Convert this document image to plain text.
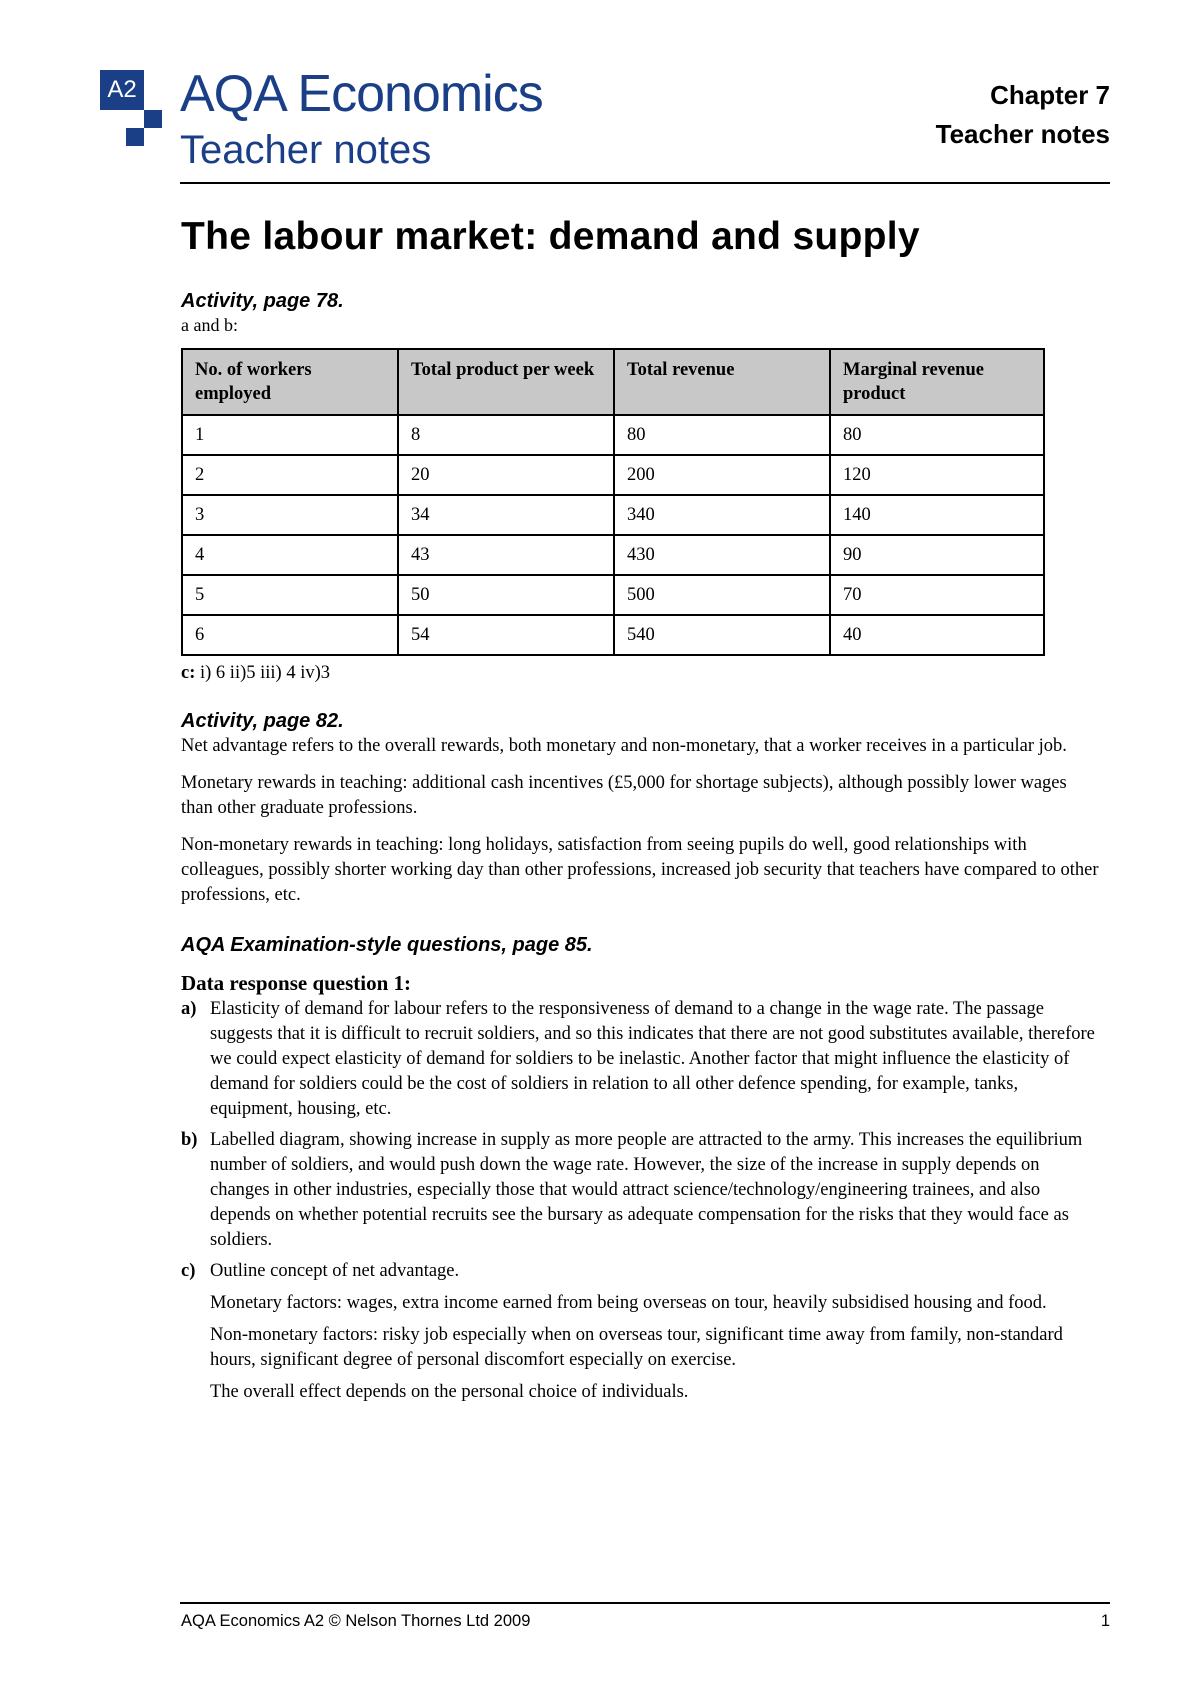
A2 AQA Economics
Teacher notes
Chapter 7
Teacher notes
The labour market: demand and supply

Activity, page 78.

a and b:

No. of workers employed	Total product per week	Total revenue	Marginal revenue product
1	8	80	80
2	20	200	120
3	34	340	140
4	43	430	90
5	50	500	70
6	54	540	40

c: i) 6 ii)5 iii) 4 iv)3

Activity, page 82.

Net advantage refers to the overall rewards, both monetary and non-monetary, that a worker receives in a particular job.

Monetary rewards in teaching: additional cash incentives (£5,000 for shortage subjects), although possibly lower wages than other graduate professions.

Non-monetary rewards in teaching: long holidays, satisfaction from seeing pupils do well, good relationships with colleagues, possibly shorter working day than other professions, increased job security that teachers have compared to other professions, etc.

AQA Examination-style questions, page 85.

Data response question 1:

a) Elasticity of demand for labour refers to the responsiveness of demand to a change in the wage rate. The passage suggests that it is difficult to recruit soldiers, and so this indicates that there are not good substitutes available, therefore we could expect elasticity of demand for soldiers to be inelastic. Another factor that might influence the elasticity of demand for soldiers could be the cost of soldiers in relation to all other defence spending, for example, tanks, equipment, housing, etc.

b) Labelled diagram, showing increase in supply as more people are attracted to the army. This increases the equilibrium number of soldiers, and would push down the wage rate. However, the size of the increase in supply depends on changes in other industries, especially those that would attract science/technology/engineering trainees, and also depends on whether potential recruits see the bursary as adequate compensation for the risks that they would face as soldiers.

c) Outline concept of net advantage.

Monetary factors: wages, extra income earned from being overseas on tour, heavily subsidised housing and food.

Non-monetary factors: risky job especially when on overseas tour, significant time away from family, non-standard hours, significant degree of personal discomfort especially on exercise.

The overall effect depends on the personal choice of individuals.

AQA Economics A2 © Nelson Thornes Ltd 2009	1
